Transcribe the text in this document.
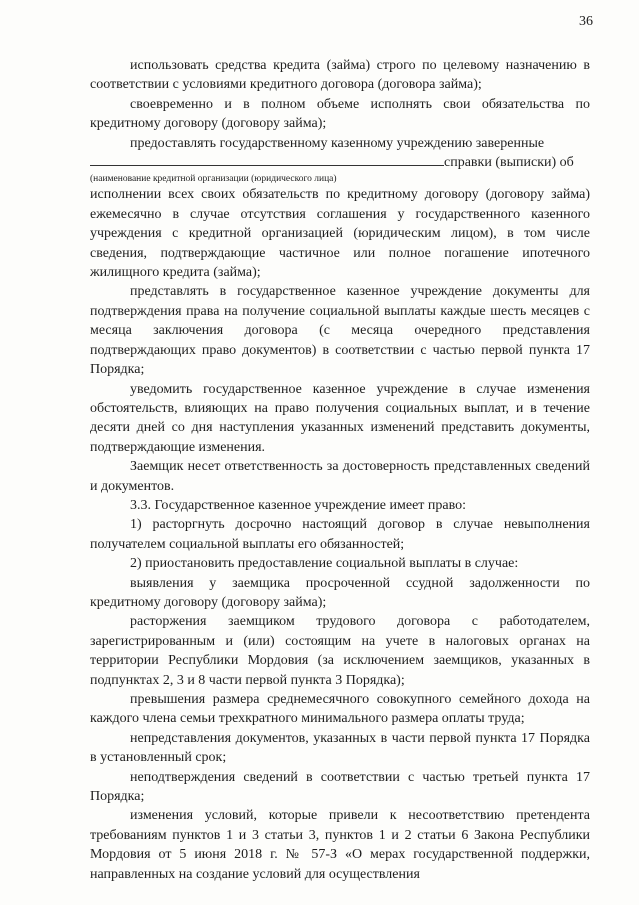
36

использовать средства кредита (займа) строго по целевому назначению в соответствии с условиями кредитного договора (договора займа);

своевременно и в полном объеме исполнять свои обязательства по кредитному договору (договору займа);

предоставлять государственному казенному учреждению заверенные

справки (выписки) об

(наименование кредитной организации (юридического лица)

исполнении всех своих обязательств по кредитному договору (договору займа) ежемесячно в случае отсутствия соглашения у государственного казенного учреждения с кредитной организацией (юридическим лицом), в том числе сведения, подтверждающие частичное или полное погашение ипотечного жилищного кредита (займа);

представлять в государственное казенное учреждение документы для подтверждения права на получение социальной выплаты каждые шесть месяцев с месяца заключения договора (с месяца очередного представления подтверждающих право документов) в соответствии с частью первой пункта 17 Порядка;

уведомить государственное казенное учреждение в случае изменения обстоятельств, влияющих на право получения социальных выплат, и в течение десяти дней со дня наступления указанных изменений представить документы, подтверждающие изменения.

Заемщик несет ответственность за достоверность представленных сведений и документов.

3.3. Государственное казенное учреждение имеет право:

1) расторгнуть досрочно настоящий договор в случае невыполнения получателем социальной выплаты его обязанностей;

2) приостановить предоставление социальной выплаты в случае:

выявления у заемщика просроченной ссудной задолженности по кредитному договору (договору займа);

расторжения заемщиком трудового договора с работодателем, зарегистрированным и (или) состоящим на учете в налоговых органах на территории Республики Мордовия (за исключением заемщиков, указанных в подпунктах 2, 3 и 8 части первой пункта 3 Порядка);

превышения размера среднемесячного совокупного семейного дохода на каждого члена семьи трехкратного минимального размера оплаты труда;

непредставления документов, указанных в части первой пункта 17 Порядка в установленный срок;

неподтверждения сведений в соответствии с частью третьей пункта 17 Порядка;

изменения условий, которые привели к несоответствию претендента требованиям пунктов 1 и 3 статьи 3, пунктов 1 и 2 статьи 6 Закона Республики Мордовия от 5 июня 2018 г. № 57-З «О мерах государственной поддержки, направленных на создание условий для осуществления
